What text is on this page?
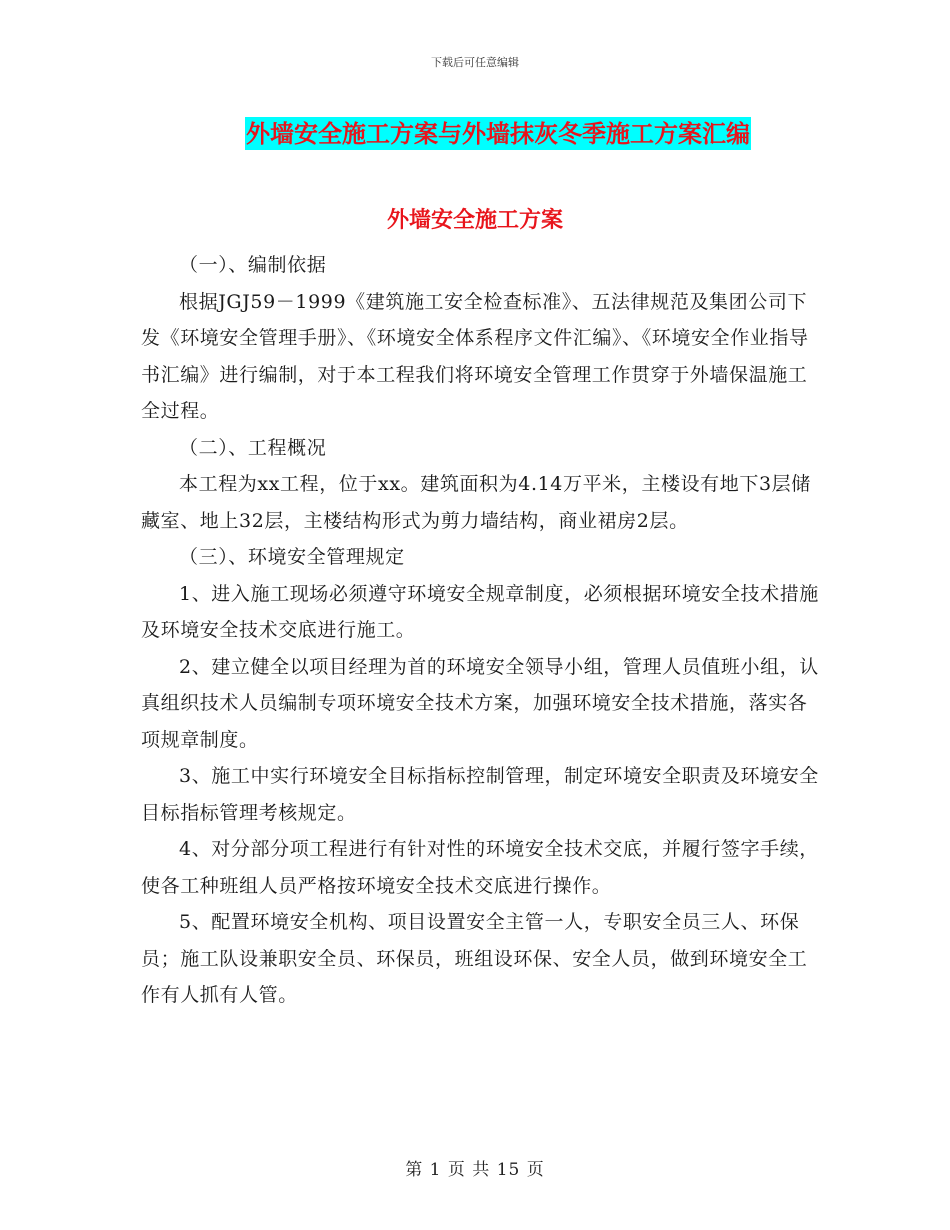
下载后可任意编辑
外墙安全施工方案与外墙抹灰冬季施工方案汇编
外墙安全施工方案

（一）、编制依据

根据JGJ59－1999《建筑施工安全检查标准》、五法律规范及集团公司下发《环境安全管理手册》、《环境安全体系程序文件汇编》、《环境安全作业指导书汇编》进行编制，对于本工程我们将环境安全管理工作贯穿于外墙保温施工全过程。

（二）、工程概况

本工程为xx工程，位于xx。建筑面积为4.14万平米，主楼设有地下3层储藏室、地上32层，主楼结构形式为剪力墙结构，商业裙房2层。

（三）、环境安全管理规定

1、进入施工现场必须遵守环境安全规章制度，必须根据环境安全技术措施及环境安全技术交底进行施工。

2、建立健全以项目经理为首的环境安全领导小组，管理人员值班小组，认真组织技术人员编制专项环境安全技术方案，加强环境安全技术措施，落实各项规章制度。

3、施工中实行环境安全目标指标控制管理，制定环境安全职责及环境安全目标指标管理考核规定。

4、对分部分项工程进行有针对性的环境安全技术交底，并履行签字手续，使各工种班组人员严格按环境安全技术交底进行操作。

5、配置环境安全机构、项目设置安全主管一人，专职安全员三人、环保员；施工队设兼职安全员、环保员，班组设环保、安全人员，做到环境安全工作有人抓有人管。

第 1 页 共 15 页
